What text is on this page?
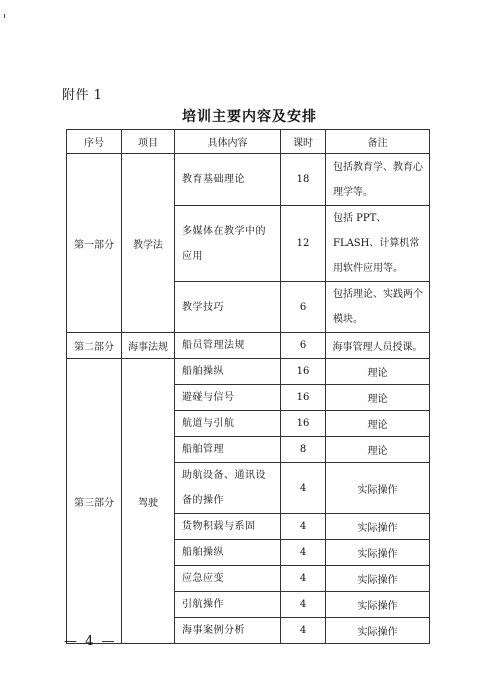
附件 1
培训主要内容及安排
序号	项目	具体内容	课时	备注
第一部分	教学法	教育基础理论	18	包括教育学、教育心理学等。
		多媒体在教学中的应用	12	包括 PPT、FLASH、计算机常用软件应用等。
		教学技巧	6	包括理论、实践两个模块。
第二部分	海事法规	船员管理法规	6	海事管理人员授课。
第三部分	驾驶	船舶操纵	16	理论
		避碰与信号	16	理论
		航道与引航	16	理论
		船舶管理	8	理论
		助航设备、通讯设备的操作	4	实际操作
		货物积载与系固	4	实际操作
		船舶操纵	4	实际操作
		应急应变	4	实际操作
		引航操作	4	实际操作
		海事案例分析	4	实际操作
— 4 —
